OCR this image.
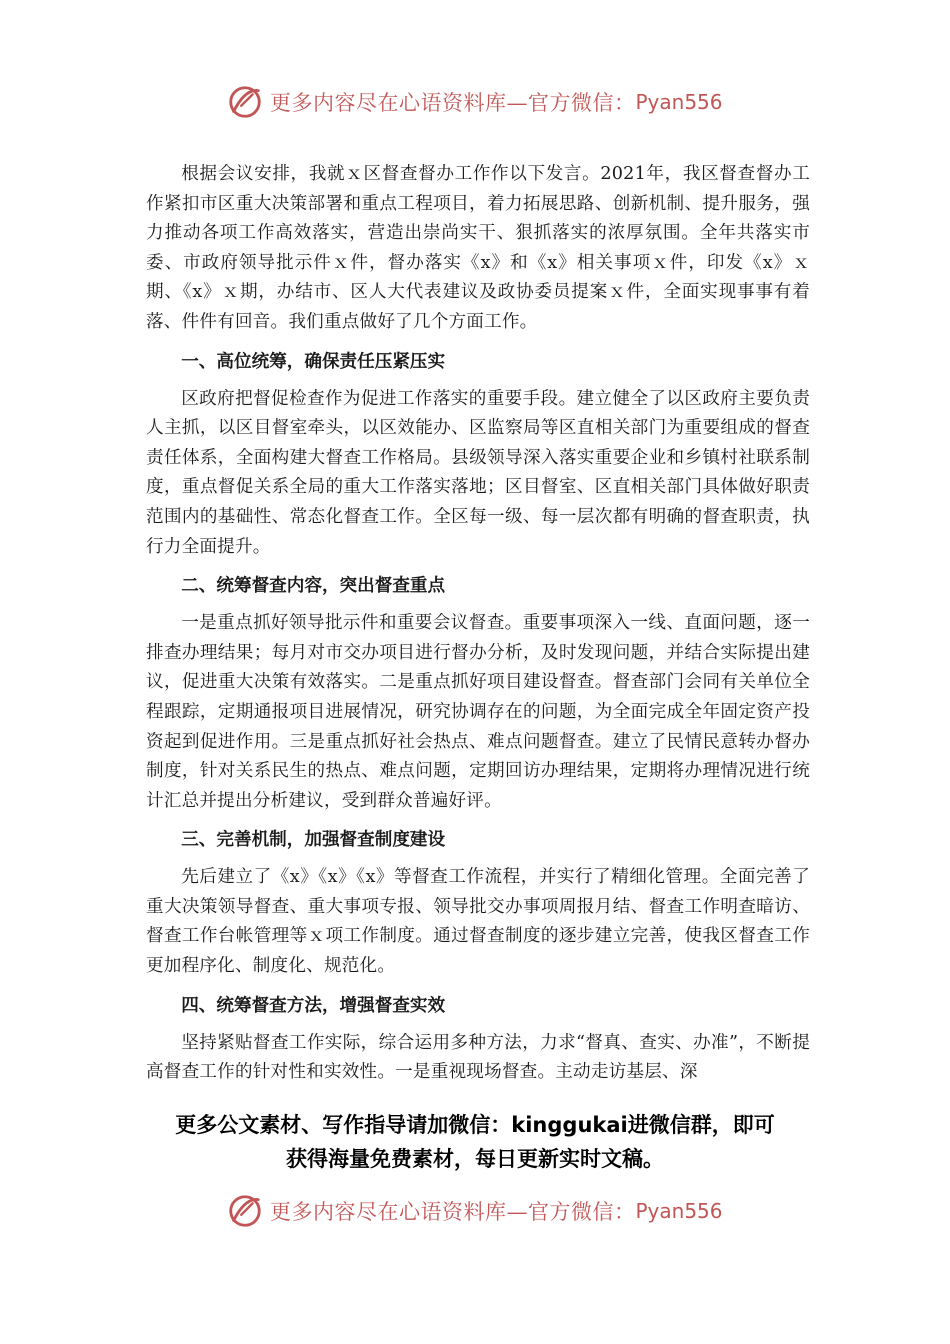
更多内容尽在心语资料库—官方微信： Pyan556

根据会议安排，我就ｘ区督查督办工作作以下发言。2021年，我区督查督办工作紧扣市区重大决策部署和重点工程项目，着力拓展思路、创新机制、提升服务，强力推动各项工作高效落实，营造出崇尚实干、狠抓落实的浓厚氛围。全年共落实市委、市政府领导批示件ｘ件，督办落实《x》和《x》相关事项ｘ件，印发《x》ｘ期、《x》ｘ期，办结市、区人大代表建议及政协委员提案ｘ件，全面实现事事有着落、件件有回音。我们重点做好了几个方面工作。

一、高位统筹，确保责任压紧压实

区政府把督促检查作为促进工作落实的重要手段。建立健全了以区政府主要负责人主抓，以区目督室牵头，以区效能办、区监察局等区直相关部门为重要组成的督查责任体系，全面构建大督查工作格局。县级领导深入落实重要企业和乡镇村社联系制度，重点督促关系全局的重大工作落实落地；区目督室、区直相关部门具体做好职责范围内的基础性、常态化督查工作。全区每一级、每一层次都有明确的督查职责，执行力全面提升。

二、统筹督查内容，突出督查重点

一是重点抓好领导批示件和重要会议督查。重要事项深入一线、直面问题，逐一排查办理结果；每月对市交办项目进行督办分析，及时发现问题，并结合实际提出建议，促进重大决策有效落实。二是重点抓好项目建设督查。督查部门会同有关单位全程跟踪，定期通报项目进展情况，研究协调存在的问题，为全面完成全年固定资产投资起到促进作用。三是重点抓好社会热点、难点问题督查。建立了民情民意转办督办制度，针对关系民生的热点、难点问题，定期回访办理结果，定期将办理情况进行统计汇总并提出分析建议，受到群众普遍好评。

三、完善机制，加强督查制度建设

先后建立了《x》《x》《x》等督查工作流程，并实行了精细化管理。全面完善了重大决策领导督查、重大事项专报、领导批交办事项周报月结、督查工作明查暗访、督查工作台帐管理等ｘ项工作制度。通过督查制度的逐步建立完善，使我区督查工作更加程序化、制度化、规范化。

四、统筹督查方法，增强督查实效

坚持紧贴督查工作实际，综合运用多种方法，力求“督真、查实、办准”，不断提高督查工作的针对性和实效性。一是重视现场督查。主动走访基层、深

更多公文素材、写作指导请加微信：kinggukai进微信群，即可
获得海量免费素材，每日更新实时文稿。
更多内容尽在心语资料库—官方微信： Pyan556
